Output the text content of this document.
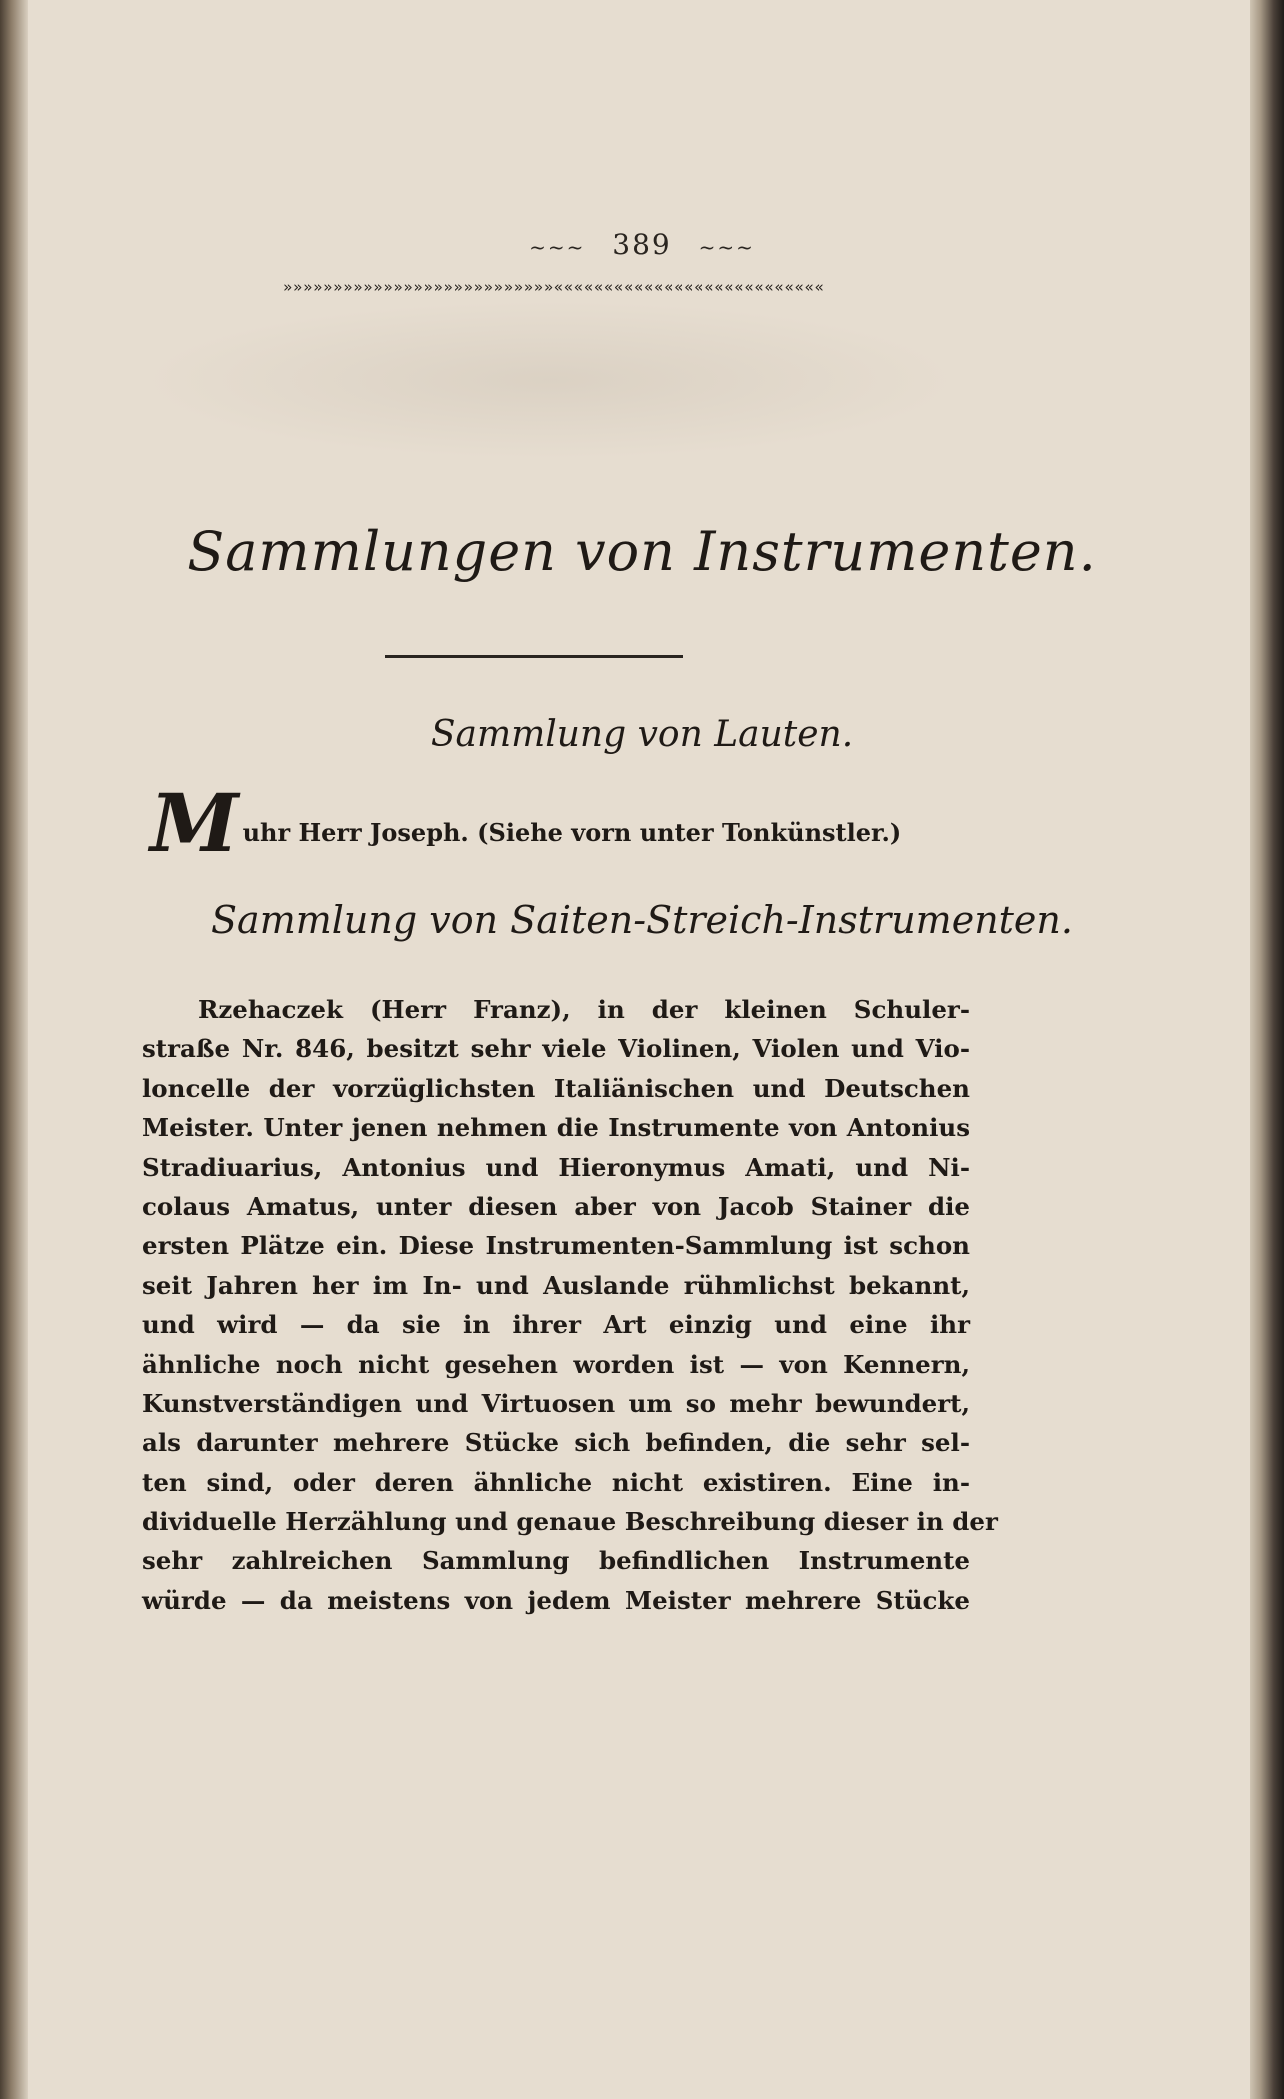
~~~ 389 ~~~
»»»»»»»»»»»»»»»»»»»»»»»»»»»«««««««««««««««««««««««««««
Sammlungen von Instrumenten.
Sammlung von Lauten.
Muhr Herr Joseph. (Siehe vorn unter Tonkünstler.)
Sammlung von Saiten-Streich-Instrumenten.
Rzehaczek (Herr Franz), in der kleinen Schuler-
straße Nr. 846, besitzt sehr viele Violinen, Violen und Vio-
loncelle der vorzüglichsten Italiänischen und Deutschen
Meister. Unter jenen nehmen die Instrumente von Antonius
Stradiuarius, Antonius und Hieronymus Amati, und Ni-
colaus Amatus, unter diesen aber von Jacob Stainer die
ersten Plätze ein. Diese Instrumenten-Sammlung ist schon
seit Jahren her im In- und Auslande rühmlichst bekannt,
und wird — da sie in ihrer Art einzig und eine ihr
ähnliche noch nicht gesehen worden ist — von Kennern,
Kunstverständigen und Virtuosen um so mehr bewundert,
als darunter mehrere Stücke sich befinden, die sehr sel-
ten sind, oder deren ähnliche nicht existiren. Eine in-
dividuelle Herzählung und genaue Beschreibung dieser in der
sehr zahlreichen Sammlung befindlichen Instrumente
würde — da meistens von jedem Meister mehrere Stücke
